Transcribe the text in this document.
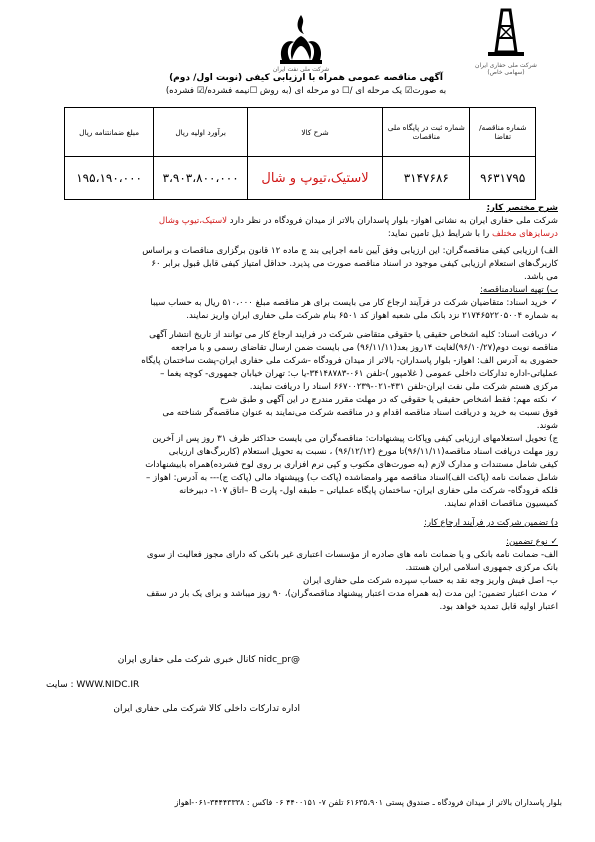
شرکت ملی حفاری ایران
(سهامی خاص)
شرکت ملی نفت ایران
آگهی مناقصه عمومی همراه با ارزیابی کیفی (نوبت اول/ دوم)
به صورت☑ یک مرحله ای /☐ دو مرحله ای (به روش ☐نیمه فشرده/☑ فشرده)
شماره مناقصه/ تقاضا	شماره ثبت در پایگاه ملی مناقصات	شرح کالا	برآورد اولیه ریال	مبلغ ضمانتنامه ریال
۹۶۳۱۷۹۵	۳۱۴۷۶۸۶	لاستیک،تیوپ و شال	۳،۹۰۳،۸۰۰،۰۰۰	۱۹۵،۱۹۰،۰۰۰
شرح مختصر کار:
شرکت ملی حفاری ایران به نشانی اهواز- بلوار پاسداران بالاتر از میدان فرودگاه در نظر دارد لاستیک،تیوپ وشال
درسایزهای مختلف را با شرایط ذیل تامین نماید:
الف) ارزیابی کیفی مناقصه‌گران: این ارزیابی وفق آیین نامه اجرایی بند ج ماده ۱۲ قانون برگزاری مناقصات و براساس
کاربرگ‌های استعلام ارزیابی کیفی موجود در اسناد مناقصه صورت می پذیرد. حداقل امتیاز کیفی قابل قبول برابر ۶۰
می باشد.
ب) تهیه اسنادمناقصه:
✓ خرید اسناد: متقاضیان شرکت در فرآیند ارجاع کار می بایست برای هر مناقصه مبلغ ۵۱۰،۰۰۰ ریال به حساب سیبا
به شماره ۲۱۷۴۶۵۲۲۰۵۰۰۴ نزد بانک ملی شعبه اهواز کد ۶۵۰۱ بنام شرکت ملی حفاری ایران واریز نمایند.
✓ دریافت اسناد: کلیه اشخاص حقیقی یا حقوقی متقاضی شرکت در فرایند ارجاع کار می توانند از تاریخ انتشار آگهی
مناقصه نوبت دوم(۹۶/۱۰/۲۷)لغایت ۱۴روز بعد(۹۶/۱۱/۱۱) می بایست ضمن ارسال تقاضای رسمی و با مراجعه
حضوری به آدرس الف: اهواز- بلوار پاسداران- بالاتر از میدان فرودگاه -شرکت ملی حفاری ایران-پشت ساختمان پایگاه
عملیاتی-اداره تدارکات داخلی عمومی ( غلامپور )-تلفن ۰۶۱-۳۴۱۴۸۷۸۳-یا ب: تهران خیابان جمهوری- کوچه یغما –
مرکزی هستم شرکت ملی نفت ایران-تلفن ۴۳۱-۰۲۱-۶۶۷۰۰۲۳۹ اسناد را دریافت نمایند.
✓ نکته مهم: فقط اشخاص حقیقی یا حقوقی که در مهلت مقرر مندرج در این آگهی و طبق شرح
فوق نسبت به خرید و دریافت اسناد مناقصه اقدام و در مناقصه شرکت می‌نمایند به عنوان مناقصه‌گر شناخته می
شوند.
ج) تحویل استعلامهای ارزیابی کیفی وپاکات پیشنهادات: مناقصه‌گران می بایست حداکثر ظرف ۳۱ روز پس از آخرین
روز مهلت دریافت اسناد مناقصه(۹۶/۱۱/۱۱)تا مورخ (۹۶/۱۲/۱۲) ، نسبت به تحویل استعلام (کاربرگ‌های ارزیابی
کیفی شامل مستندات و مدارک لازم (به صورت‌های مکتوب و کپی نرم افزاری بر روی لوح فشرده)همراه بابیشنهادات
شامل ضمانت نامه (پاکت الف)اسناد مناقصه مهر وامضاشده (پاکت ب) وپیشنهاد مالی (پاکت ج)--- به آدرس: اهواز –
فلکه فرودگاه- شرکت ملی حفاری ایران- ساختمان پایگاه عملیاتی – طبقه اول- پارت B –اتاق ۱۰۷- دبیرخانه
کمیسیون مناقصات اقدام نمایند.
د) تضمین شرکت در فرآیند ارجاع کار:
✓ نوع تضمین:
الف- ضمانت نامه بانکی و یا ضمانت نامه های صادره از مؤسسات اعتباری غیر بانکی که دارای مجوز فعالیت از سوی
بانک مرکزی جمهوری اسلامی ایران هستند.
ب- اصل فیش واریز وجه نقد به حساب سپرده شرکت ملی حفاری ایران
✓ مدت اعتبار تضمین: این مدت (به همراه مدت اعتبار پیشنهاد مناقصه‌گران)، ۹۰ روز میباشد و برای یک بار در سقف
اعتبار اولیه قابل تمدید خواهد بود.
@nidc_pr کانال خبری شرکت ملی حفاری ایران
WWW.NIDC.IR : سایت
اداره تدارکات داخلی کالا شرکت ملی حفاری ایران
بلوار پاسداران بالاتر از میدان فرودگاه ـ صندوق پستی ۶۱۶۳۵،۹۰۱ تلفن ۷- ۴۴۰۰۱۵۱ ۰۶ فاکس : ۳۴۴۴۳۳۳۸-۰۶۱-اهواز
